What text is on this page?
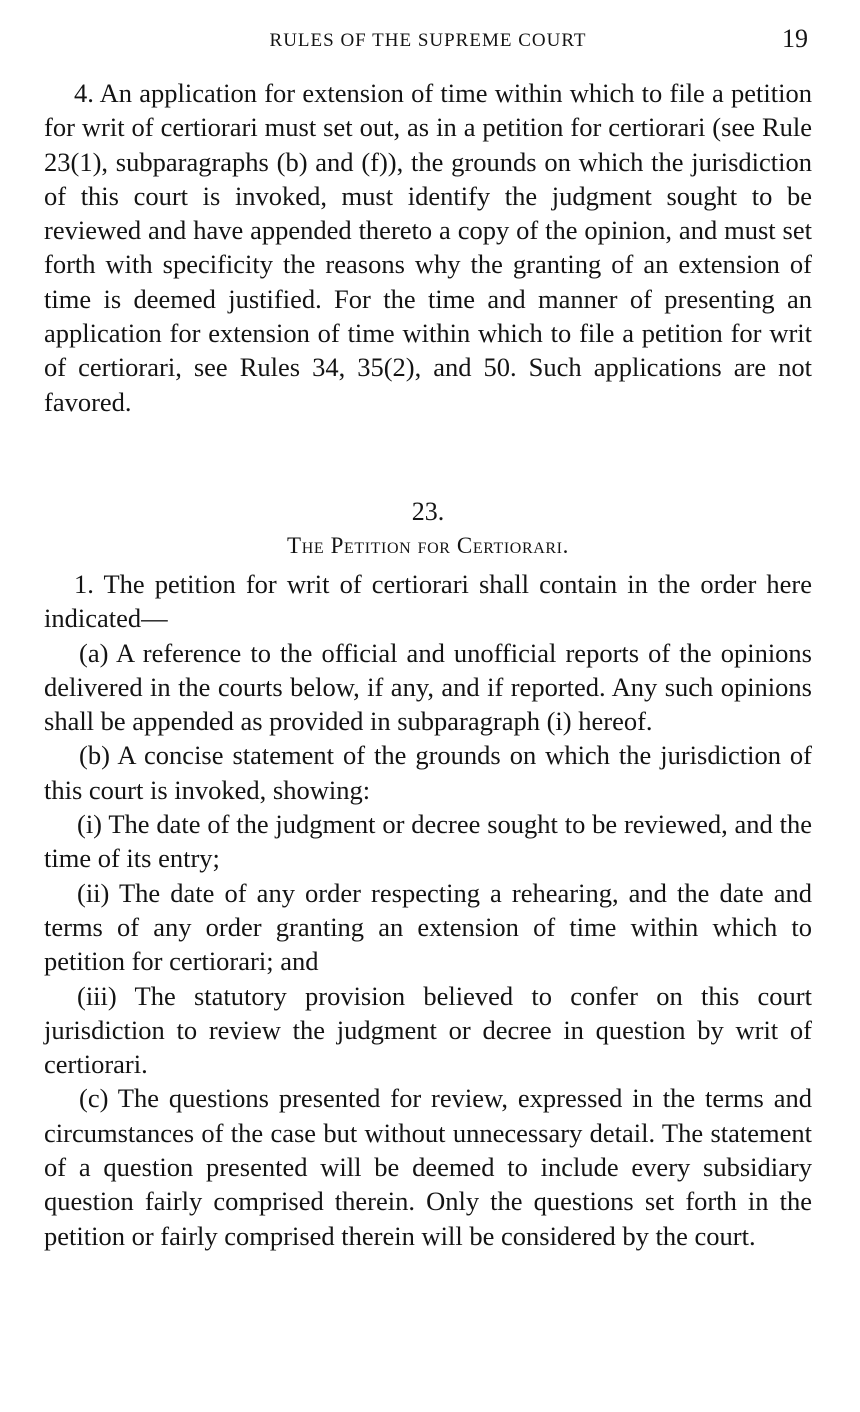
RULES OF THE SUPREME COURT	19

4. An application for extension of time within which to file a petition for writ of certiorari must set out, as in a petition for certiorari (see Rule 23(1), subparagraphs (b) and (f)), the grounds on which the jurisdiction of this court is invoked, must identify the judgment sought to be reviewed and have appended thereto a copy of the opinion, and must set forth with specificity the reasons why the granting of an extension of time is deemed justified. For the time and manner of presenting an application for extension of time within which to file a petition for writ of certiorari, see Rules 34, 35(2), and 50. Such applications are not favored.

23.
The Petition for Certiorari.

1. The petition for writ of certiorari shall contain in the order here indicated—

(a) A reference to the official and unofficial reports of the opinions delivered in the courts below, if any, and if reported. Any such opinions shall be appended as provided in subparagraph (i) hereof.

(b) A concise statement of the grounds on which the jurisdiction of this court is invoked, showing:

(i) The date of the judgment or decree sought to be reviewed, and the time of its entry;

(ii) The date of any order respecting a rehearing, and the date and terms of any order granting an extension of time within which to petition for certiorari; and

(iii) The statutory provision believed to confer on this court jurisdiction to review the judgment or decree in question by writ of certiorari.

(c) The questions presented for review, expressed in the terms and circumstances of the case but without unnecessary detail. The statement of a question presented will be deemed to include every subsidiary question fairly comprised therein. Only the questions set forth in the petition or fairly comprised therein will be considered by the court.
